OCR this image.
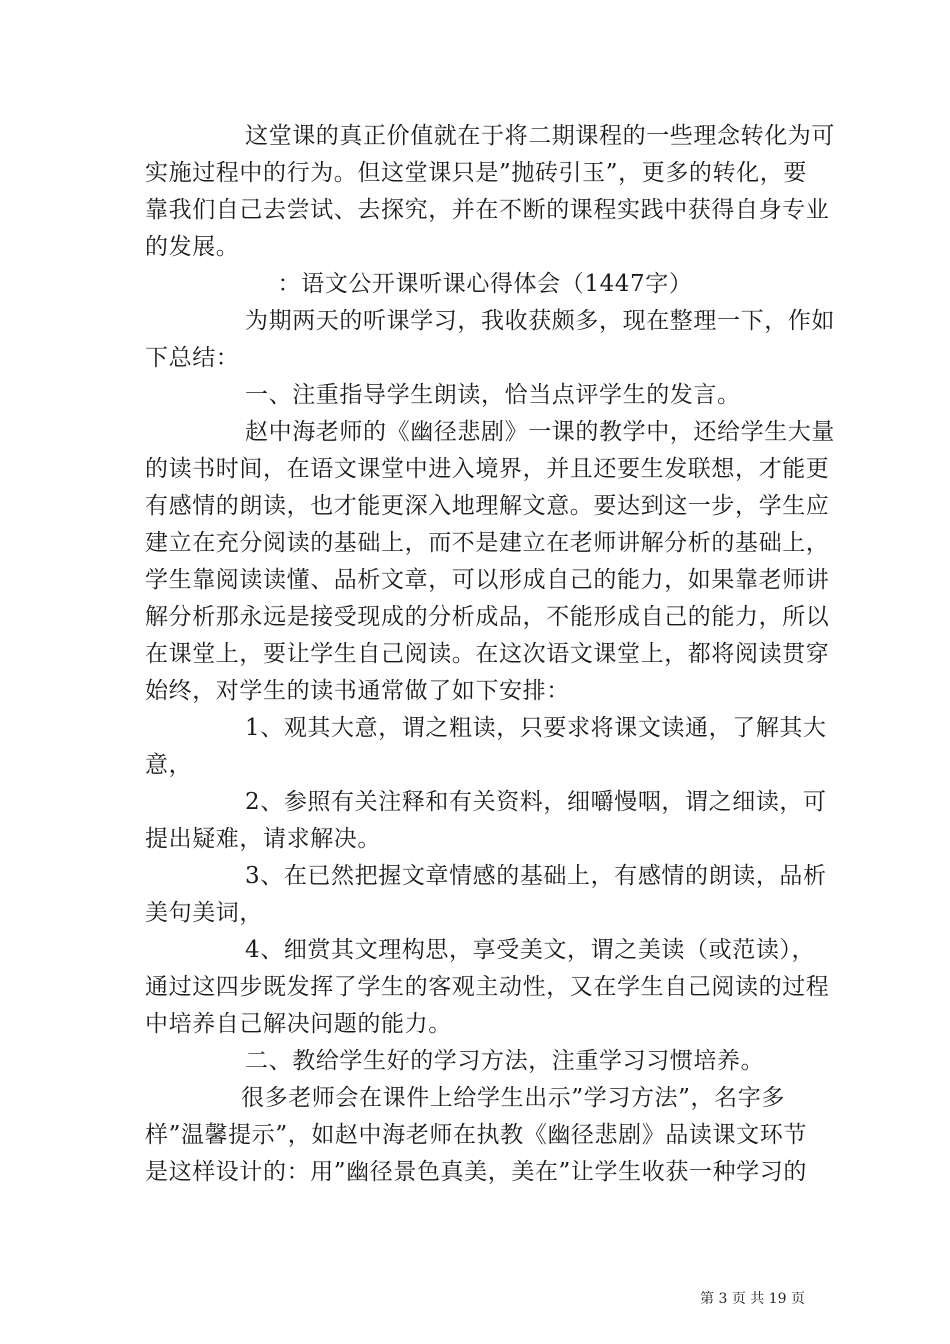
这堂课的真正价值就在于将二期课程的一些理念转化为可
实施过程中的行为。但这堂课只是”抛砖引玉”，更多的转化，要
靠我们自己去尝试、去探究，并在不断的课程实践中获得自身专业
的发展。
：语文公开课听课心得体会（1447字）
为期两天的听课学习，我收获颇多，现在整理一下，作如
下总结：
一、注重指导学生朗读，恰当点评学生的发言。
赵中海老师的《幽径悲剧》一课的教学中，还给学生大量
的读书时间，在语文课堂中进入境界，并且还要生发联想，才能更
有感情的朗读，也才能更深入地理解文意。要达到这一步，学生应
建立在充分阅读的基础上，而不是建立在老师讲解分析的基础上，
学生靠阅读读懂、品析文章，可以形成自己的能力，如果靠老师讲
解分析那永远是接受现成的分析成品，不能形成自己的能力，所以
在课堂上，要让学生自己阅读。在这次语文课堂上，都将阅读贯穿
始终，对学生的读书通常做了如下安排：
1、观其大意，谓之粗读，只要求将课文读通，了解其大
意，
2、参照有关注释和有关资料，细嚼慢咽，谓之细读，可
提出疑难，请求解决。
3、在已然把握文章情感的基础上，有感情的朗读，品析
美句美词，
4、细赏其文理构思，享受美文，谓之美读（或范读），
通过这四步既发挥了学生的客观主动性，又在学生自己阅读的过程
中培养自己解决问题的能力。
二、教给学生好的学习方法，注重学习习惯培养。
很多老师会在课件上给学生出示”学习方法”，名字多
样”温馨提示”，如赵中海老师在执教《幽径悲剧》品读课文环节
是这样设计的：用”幽径景色真美，美在”让学生收获一种学习的
第 3 页 共 19 页
